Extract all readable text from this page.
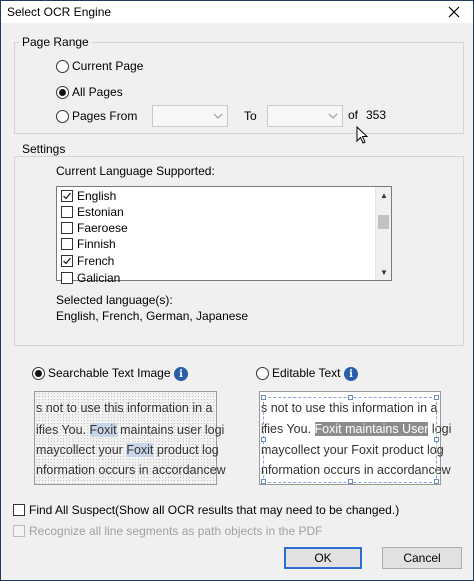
Select OCR Engine
Page Range
Current Page
All Pages
Pages From	To	of 353
Settings
Current Language Supported:
English
Estonian
Faeroese
Finnish
French
Galician
▲
▼
Selected language(s):
English, French, German, Japanese
Searchable Text Image i	Editable Text i
s not to use this information in a
ifies You. Foxit maintains user logi
maycollect your Foxit product log
nformation occurs in accordancew
s not to use this information in a
ifies You. Foxit maintains User logi
maycollect your Foxit product log
nformation occurs in accordancew
Find All Suspect(Show all OCR results that may need to be changed.)
Recognize all line segments as path objects in the PDF
OK	Cancel
